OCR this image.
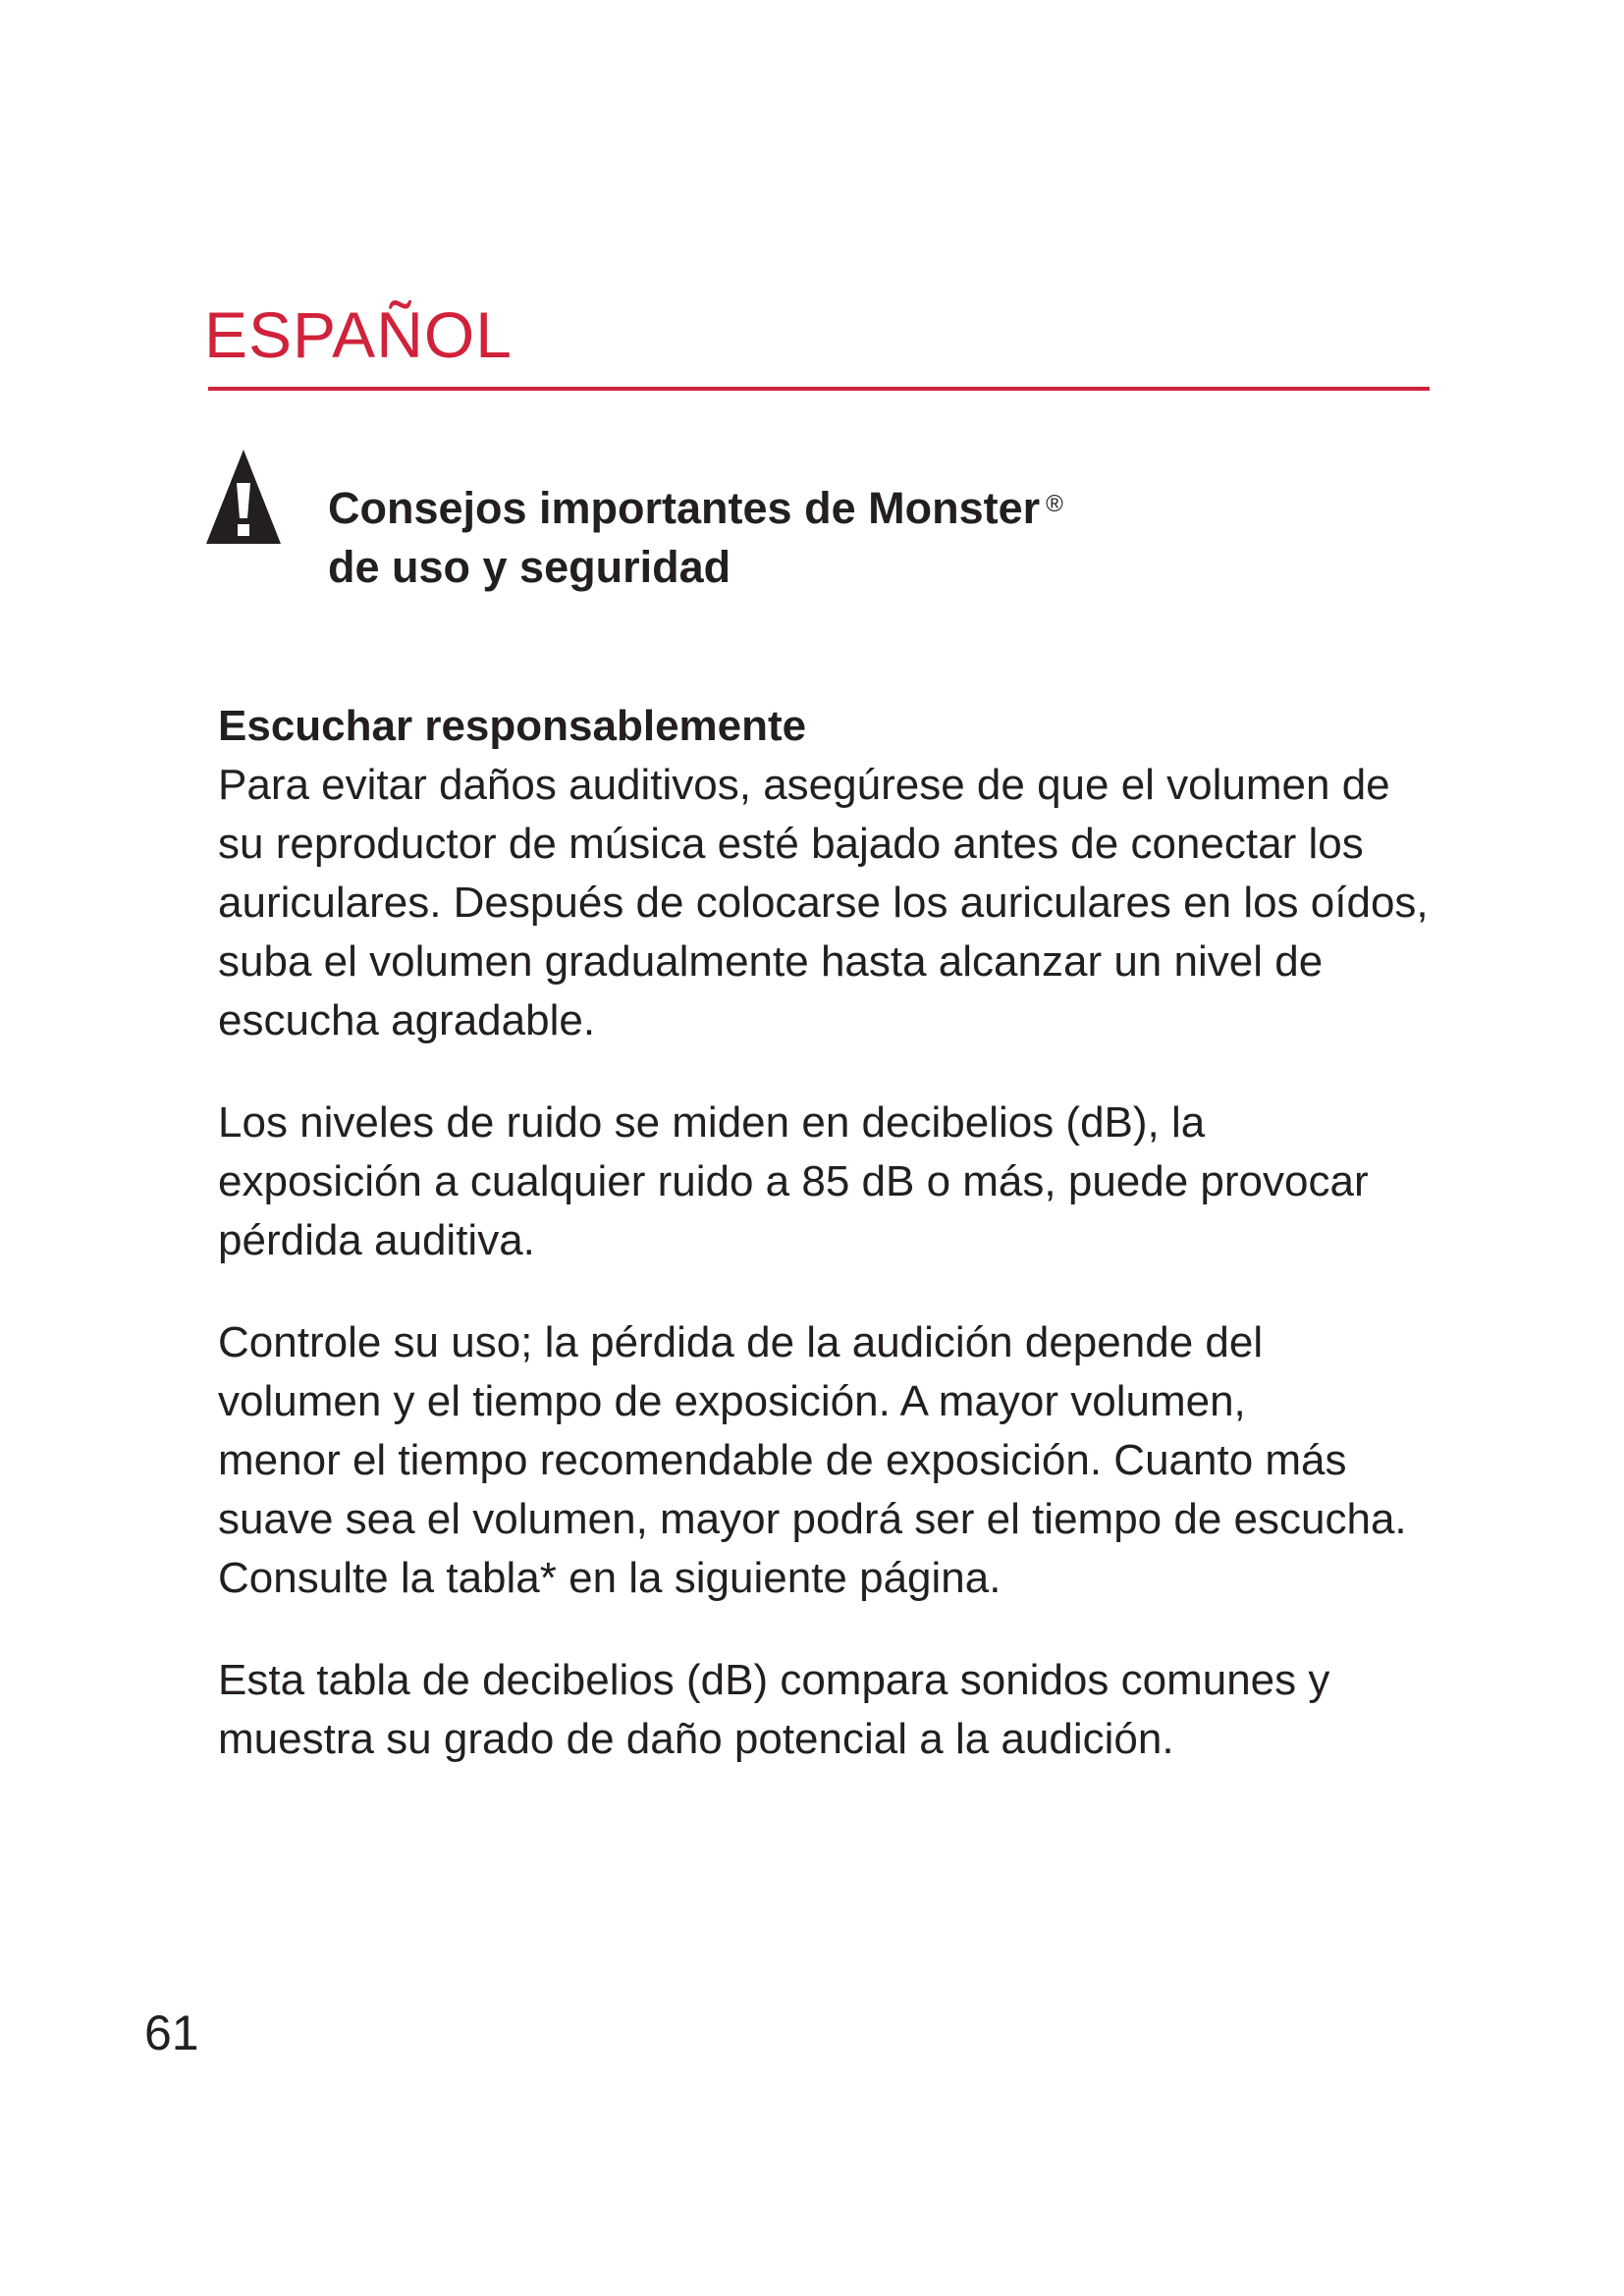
ESPAÑOL
Consejos importantes de Monster ®
de uso y seguridad
Escuchar responsablemente

Para evitar daños auditivos, asegúrese de que el volumen de
su reproductor de música esté bajado antes de conectar los
auriculares. Después de colocarse los auriculares en los oídos,
suba el volumen gradualmente hasta alcanzar un nivel de
escucha agradable.

Los niveles de ruido se miden en decibelios (dB), la
exposición a cualquier ruido a 85 dB o más, puede provocar
pérdida auditiva.

Controle su uso; la pérdida de la audición depende del
volumen y el tiempo de exposición. A mayor volumen,
menor el tiempo recomendable de exposición. Cuanto más
suave sea el volumen, mayor podrá ser el tiempo de escucha.
Consulte la tabla* en la siguiente página.

Esta tabla de decibelios (dB) compara sonidos comunes y
muestra su grado de daño potencial a la audición.

61
